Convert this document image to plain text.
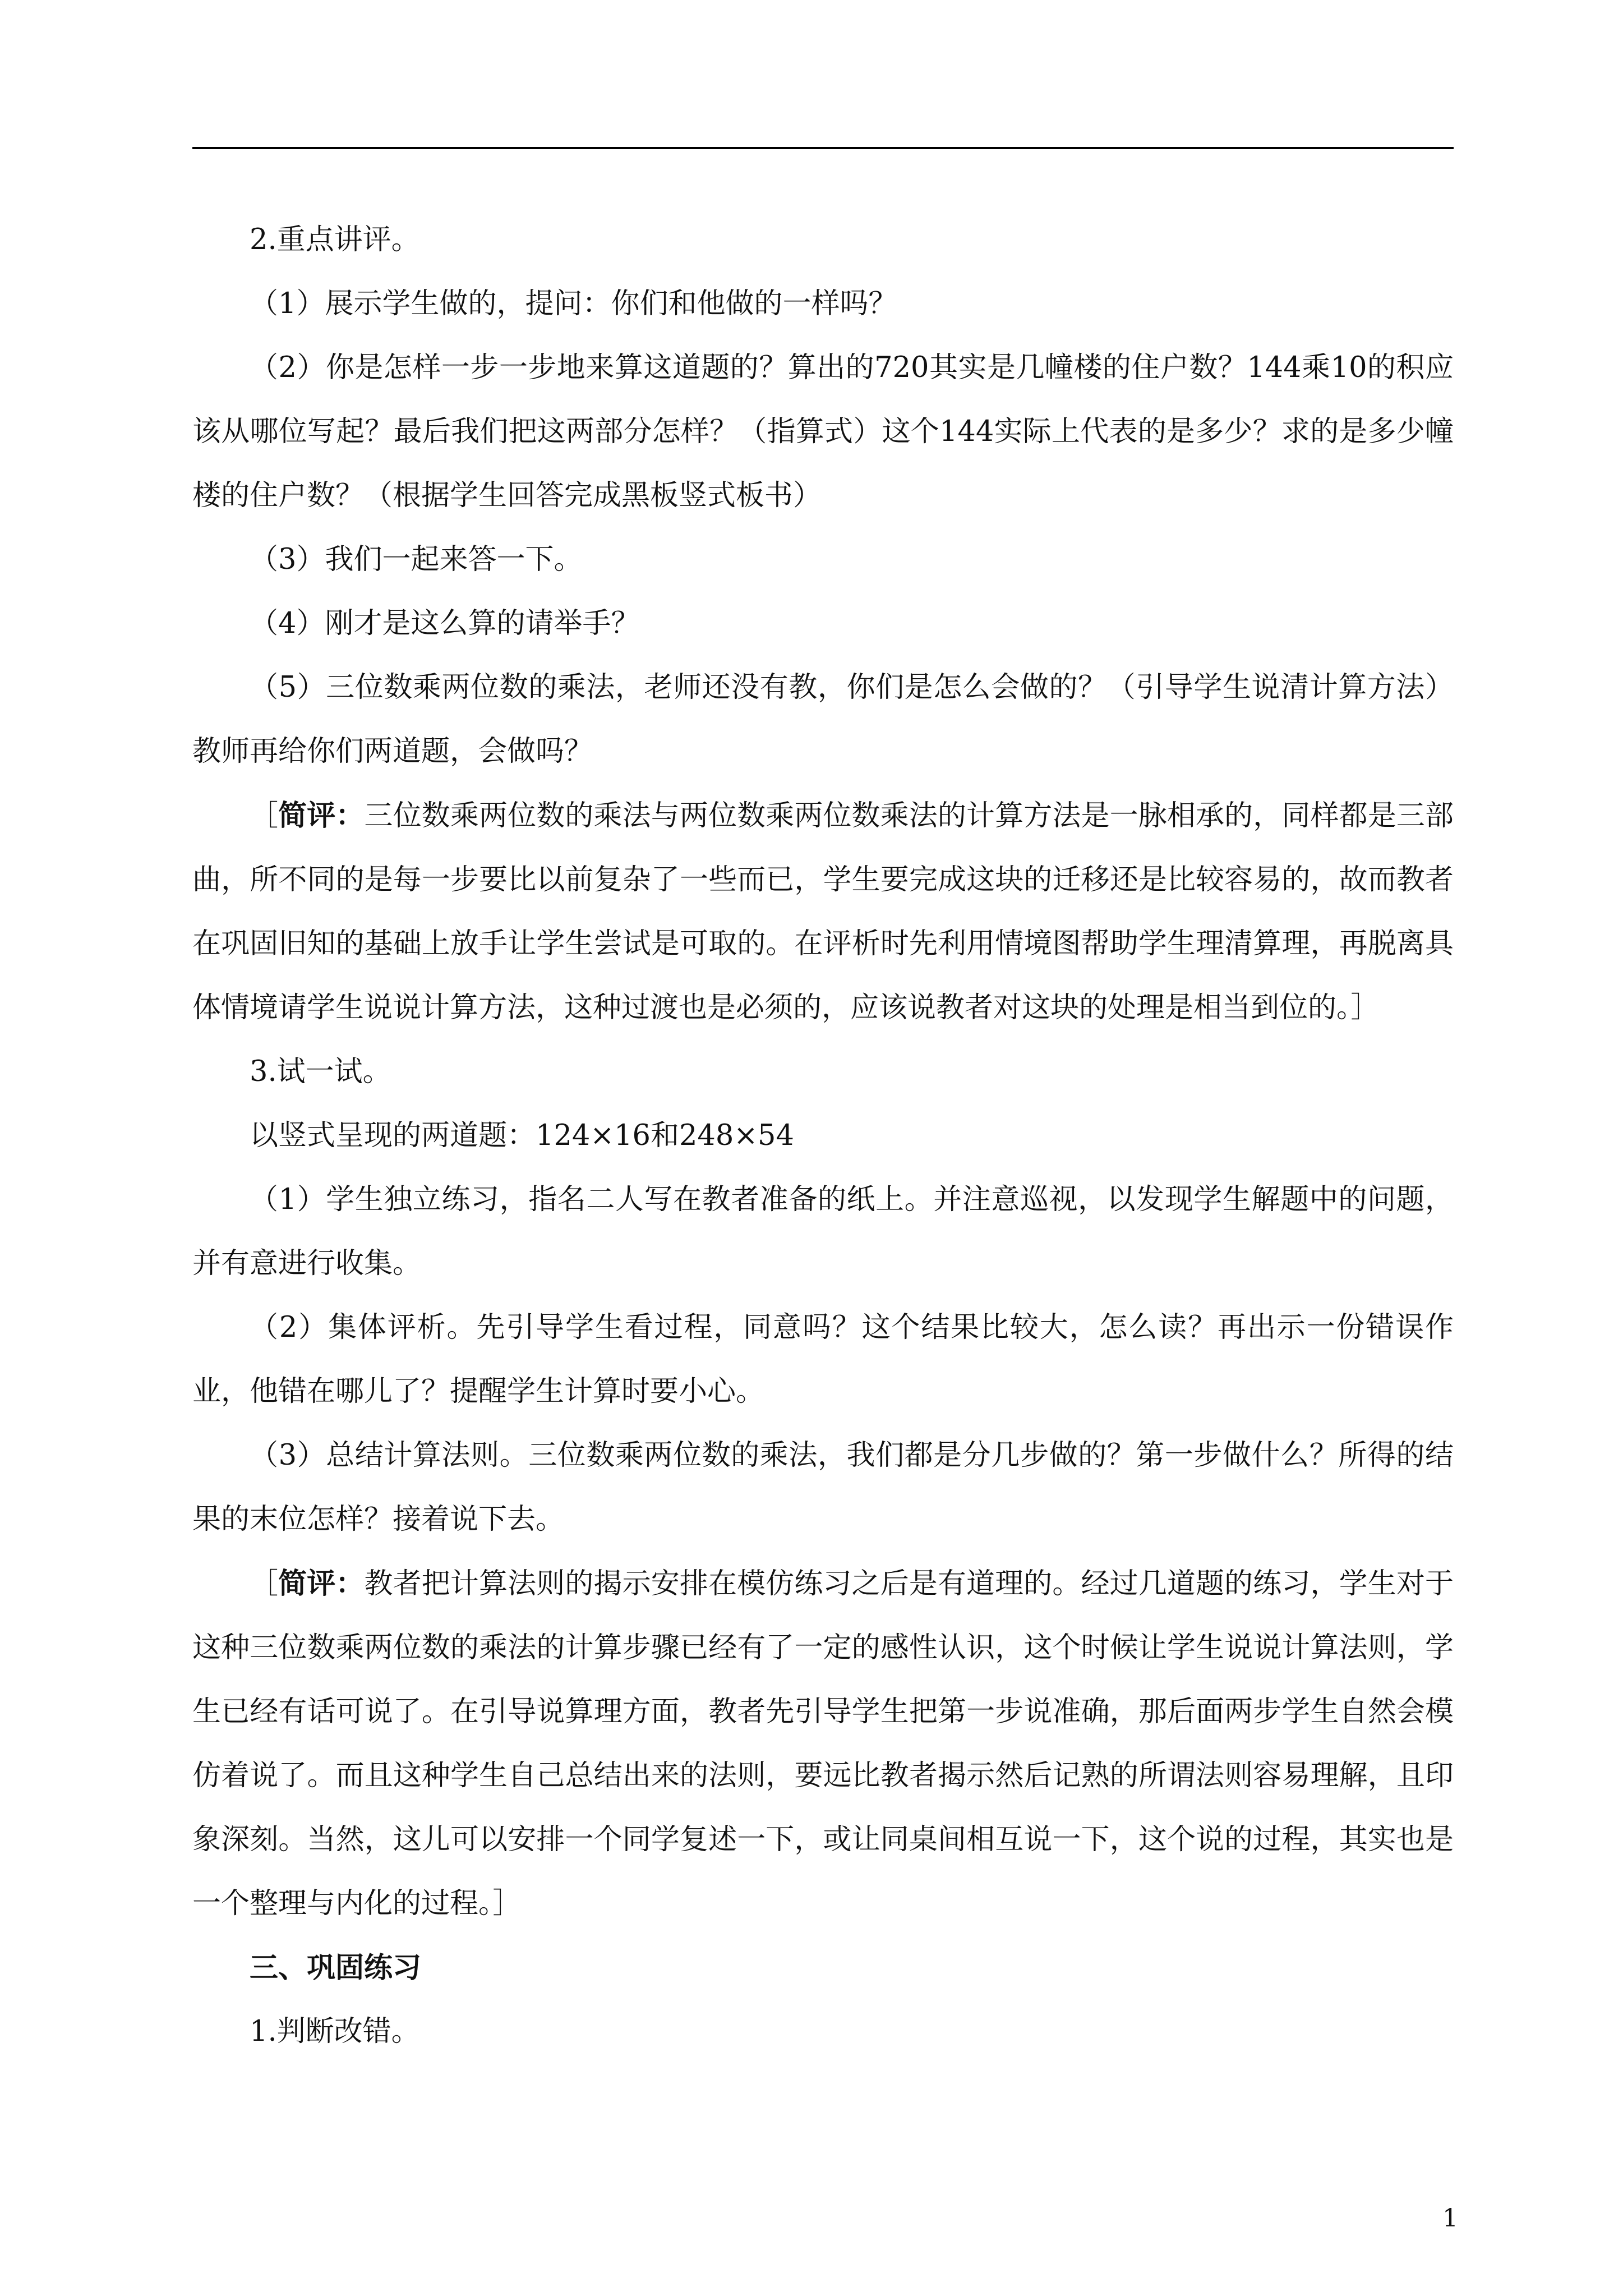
2.重点讲评。

（1）展示学生做的，提问：你们和他做的一样吗？

（2）你是怎样一步一步地来算这道题的？算出的720其实是几幢楼的住户数？144乘10的积应该从哪位写起？最后我们把这两部分怎样？（指算式）这个144实际上代表的是多少？求的是多少幢楼的住户数？（根据学生回答完成黑板竖式板书）

（3）我们一起来答一下。

（4）刚才是这么算的请举手？

（5）三位数乘两位数的乘法，老师还没有教，你们是怎么会做的？（引导学生说清计算方法）教师再给你们两道题，会做吗？

［简评：三位数乘两位数的乘法与两位数乘两位数乘法的计算方法是一脉相承的，同样都是三部曲，所不同的是每一步要比以前复杂了一些而已，学生要完成这块的迁移还是比较容易的，故而教者在巩固旧知的基础上放手让学生尝试是可取的。在评析时先利用情境图帮助学生理清算理，再脱离具体情境请学生说说计算方法，这种过渡也是必须的，应该说教者对这块的处理是相当到位的。］

3.试一试。

以竖式呈现的两道题：124×16和248×54

（1）学生独立练习，指名二人写在教者准备的纸上。并注意巡视，以发现学生解题中的问题，并有意进行收集。

（2）集体评析。先引导学生看过程，同意吗？这个结果比较大，怎么读？再出示一份错误作业，他错在哪儿了？提醒学生计算时要小心。

（3）总结计算法则。三位数乘两位数的乘法，我们都是分几步做的？第一步做什么？所得的结果的末位怎样？接着说下去。

［简评：教者把计算法则的揭示安排在模仿练习之后是有道理的。经过几道题的练习，学生对于这种三位数乘两位数的乘法的计算步骤已经有了一定的感性认识，这个时候让学生说说计算法则，学生已经有话可说了。在引导说算理方面，教者先引导学生把第一步说准确，那后面两步学生自然会模仿着说了。而且这种学生自己总结出来的法则，要远比教者揭示然后记熟的所谓法则容易理解，且印象深刻。当然，这儿可以安排一个同学复述一下，或让同桌间相互说一下，这个说的过程，其实也是一个整理与内化的过程。］

三、巩固练习

1.判断改错。

1
